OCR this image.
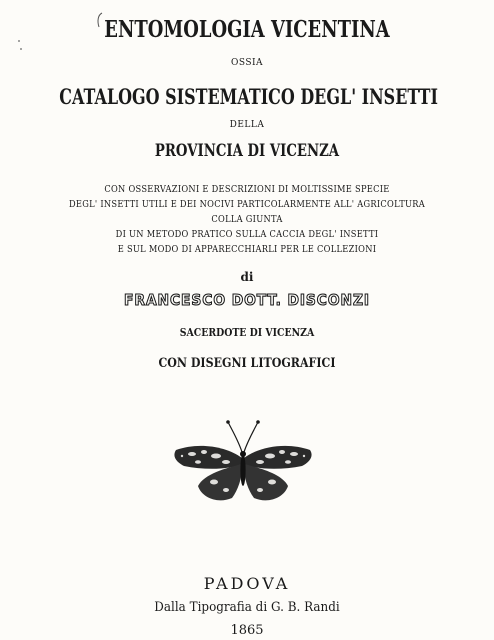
ENTOMOLOGIA VICENTINA
OSSIA
CATALOGO SISTEMATICO DEGL' INSETTI
DELLA
PROVINCIA DI VICENZA
CON OSSERVAZIONI E DESCRIZIONI DI MOLTISSIME SPECIE
DEGL' INSETTI UTILI E DEI NOCIVI PARTICOLARMENTE ALL' AGRICOLTURA
COLLA GIUNTA
DI UN METODO PRATICO SULLA CACCIA DEGL' INSETTI
E SUL MODO DI APPARECCHIARLI PER LE COLLEZIONI
di
FRANCESCO DOTT. DISCONZI
SACERDOTE DI VICENZA
CON DISEGNI LITOGRAFICI
PADOVA
Dalla Tipografia di G. B. Randi
1865
